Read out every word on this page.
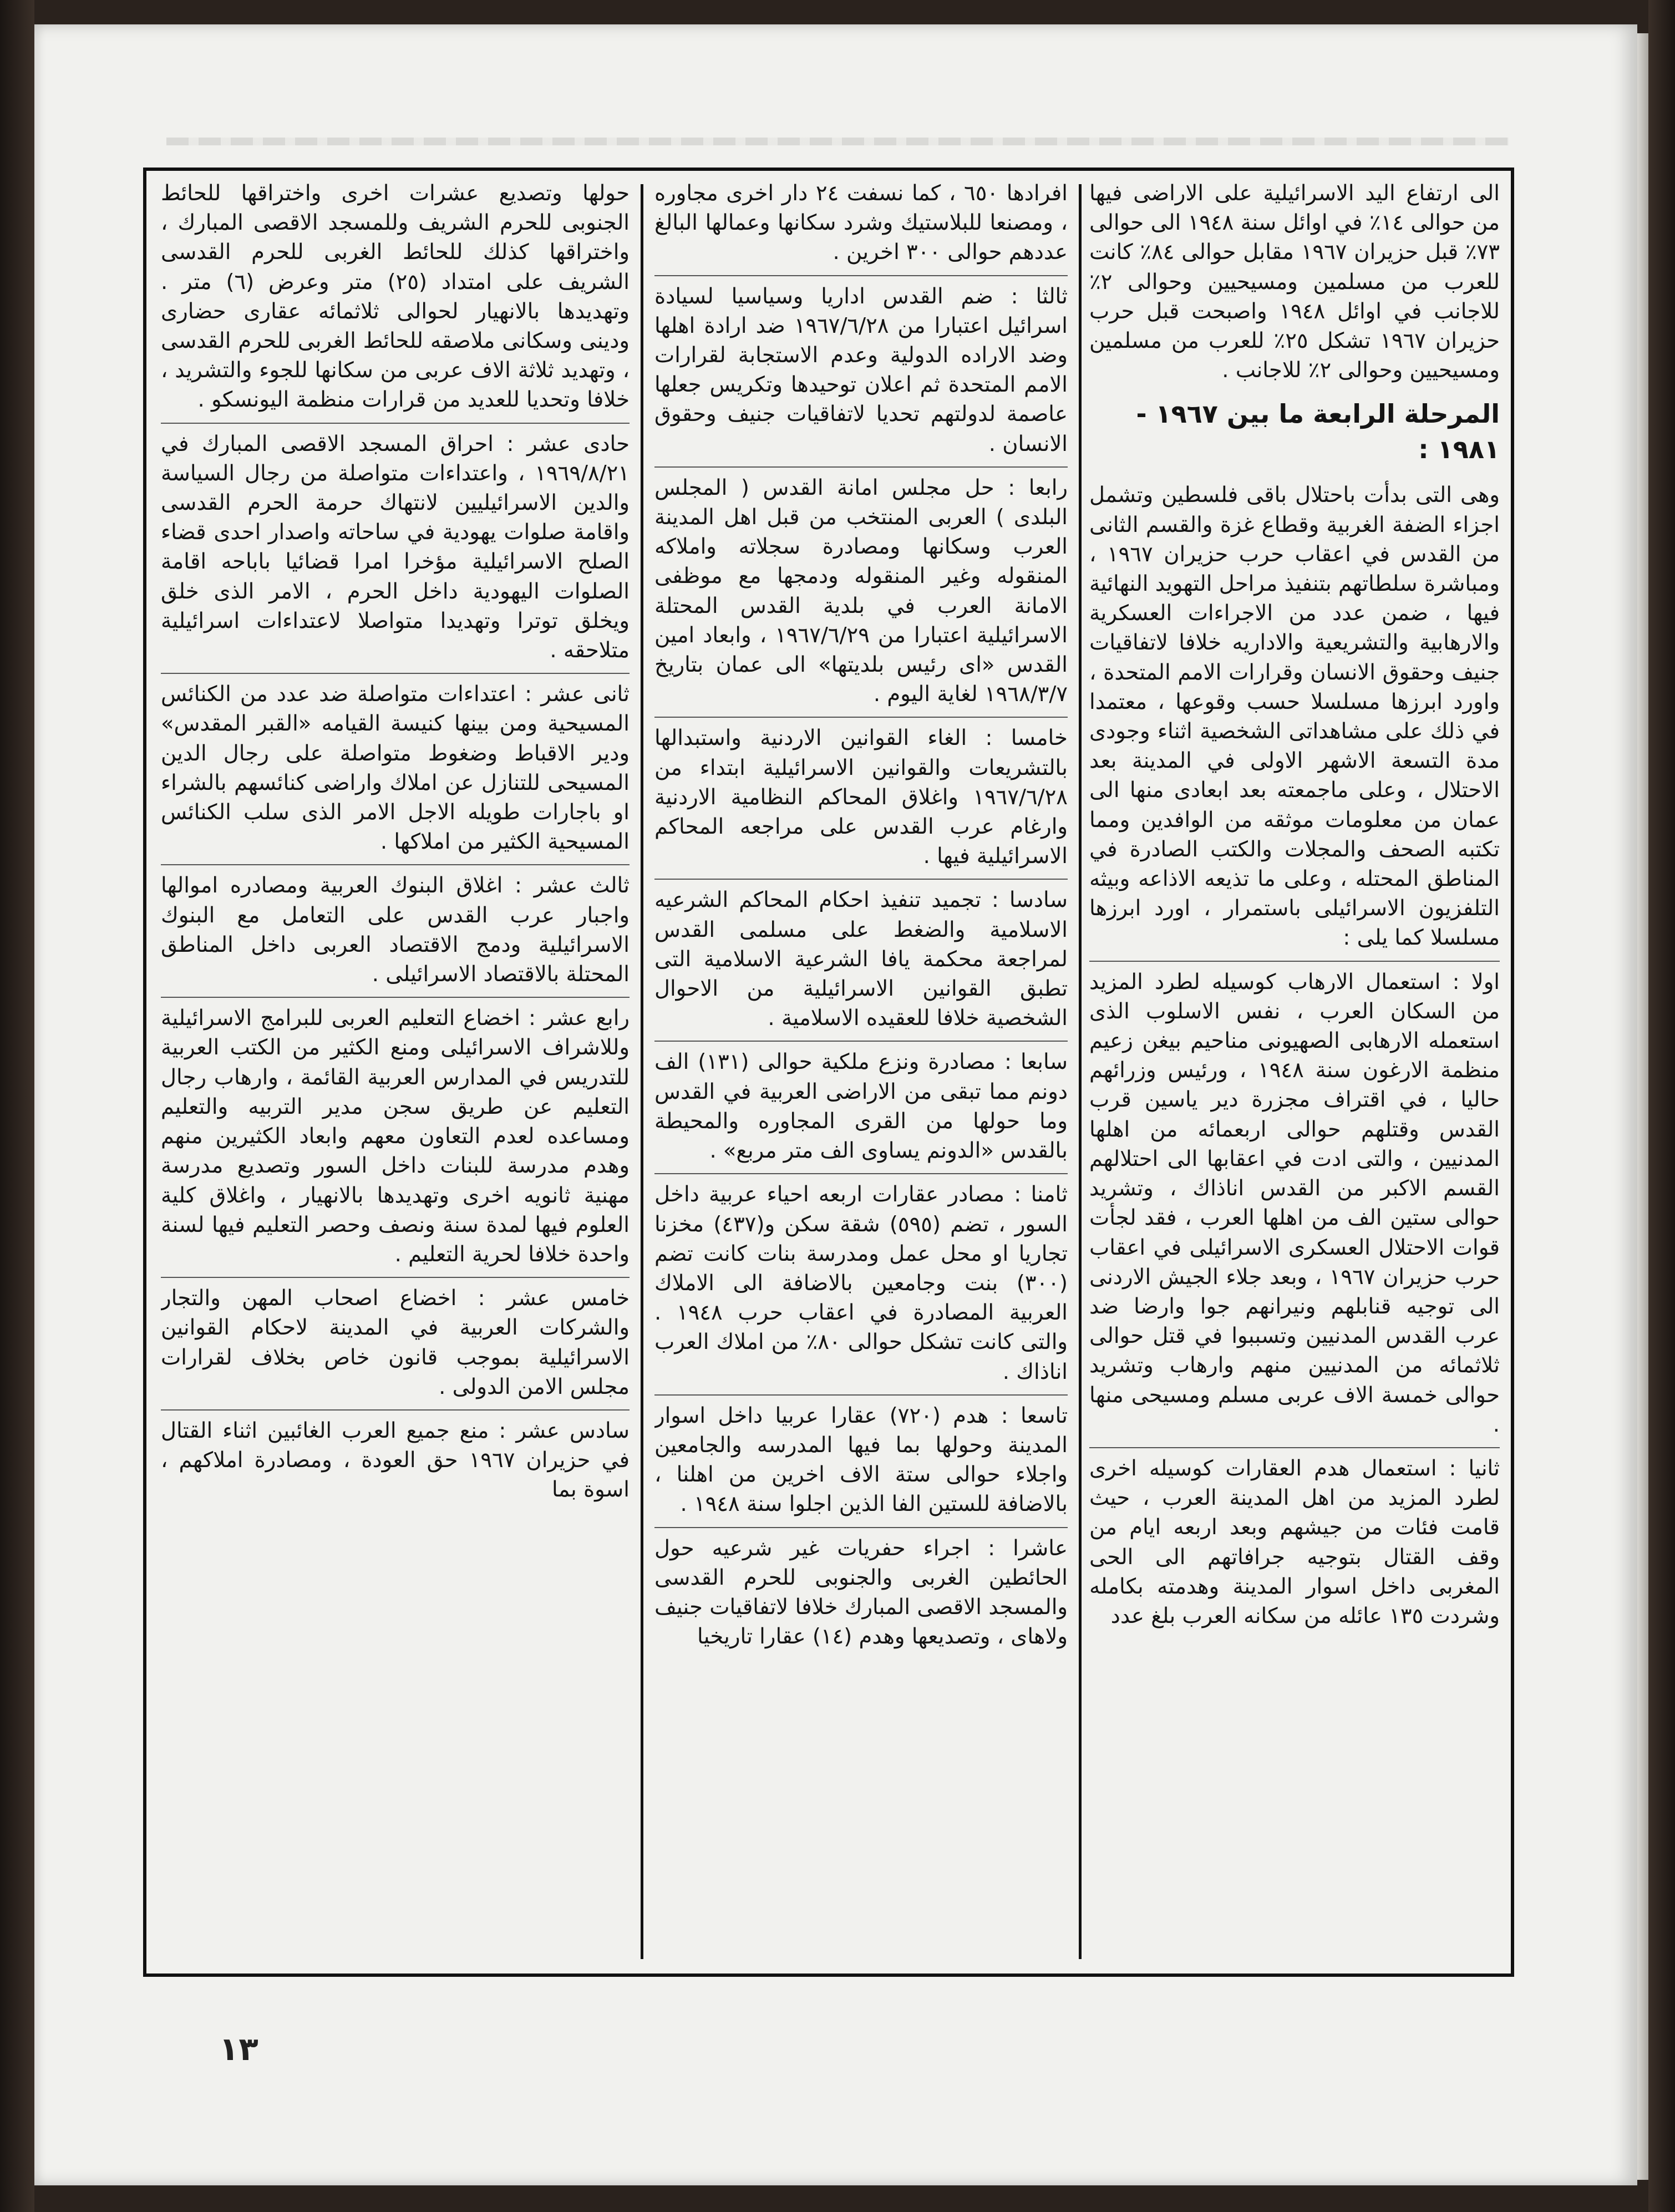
الى ارتفاع اليد الاسرائيلية على الاراضى فيها من حوالى ١٤٪ في اوائل سنة ١٩٤٨ الى حوالى ٧٣٪ قبل حزيران ١٩٦٧ مقابل حوالى ٨٤٪ كانت للعرب من مسلمين ومسيحيين وحوالى ٢٪ للاجانب في اوائل ١٩٤٨ واصبحت قبل حرب حزيران ١٩٦٧ تشكل ٢٥٪ للعرب من مسلمين ومسيحيين وحوالى ٢٪ للاجانب .

المرحلة الرابعة ما بين ١٩٦٧ - ١٩٨١ :

وهى التى بدأت باحتلال باقى فلسطين وتشمل اجزاء الضفة الغربية وقطاع غزة والقسم الثانى من القدس في اعقاب حرب حزيران ١٩٦٧ ، ومباشرة سلطاتهم بتنفيذ مراحل التهويد النهائية فيها ، ضمن عدد من الاجراءات العسكرية والارهابية والتشريعية والاداريه خلافا لاتفاقيات جنيف وحقوق الانسان وقرارات الامم المتحدة ، واورد ابرزها مسلسلا حسب وقوعها ، معتمدا في ذلك على مشاهداتى الشخصية اثناء وجودى مدة التسعة الاشهر الاولى في المدينة بعد الاحتلال ، وعلى ماجمعته بعد ابعادى منها الى عمان من معلومات موثقه من الوافدين ومما تكتبه الصحف والمجلات والكتب الصادرة في المناطق المحتله ، وعلى ما تذيعه الاذاعه وبيثه التلفزيون الاسرائيلى باستمرار ، اورد ابرزها مسلسلا كما يلى :

اولا : استعمال الارهاب كوسيله لطرد المزيد من السكان العرب ، نفس الاسلوب الذى استعمله الارهابى الصهيونى مناحيم بيغن زعيم منظمة الارغون سنة ١٩٤٨ ، ورئيس وزرائهم حاليا ، في اقتراف مجزرة دير ياسين قرب القدس وقتلهم حوالى اربعمائه من اهلها المدنيين ، والتى ادت في اعقابها الى احتلالهم القسم الاكبر من القدس اناذاك ، وتشريد حوالى ستين الف من اهلها العرب ، فقد لجأت قوات الاحتلال العسكرى الاسرائيلى في اعقاب حرب حزيران ١٩٦٧ ، وبعد جلاء الجيش الاردنى الى توجيه قنابلهم ونيرانهم جوا وارضا ضد عرب القدس المدنيين وتسببوا في قتل حوالى ثلاثمائه من المدنيين منهم وارهاب وتشريد حوالى خمسة الاف عربى مسلم ومسيحى منها .

ثانيا : استعمال هدم العقارات كوسيله اخرى لطرد المزيد من اهل المدينة العرب ، حيث قامت فئات من جيشهم وبعد اربعه ايام من وقف القتال بتوجيه جرافاتهم الى الحى المغربى داخل اسوار المدينة وهدمته بكامله وشردت ١٣٥ عائله من سكانه العرب بلغ عدد

افرادها ٦٥٠ ، كما نسفت ٢٤ دار اخرى مجاوره ، ومصنعا للبلاستيك وشرد سكانها وعمالها البالغ عددهم حوالى ٣٠٠ اخرين .

ثالثا : ضم القدس اداريا وسياسيا لسيادة اسرائيل اعتبارا من ١٩٦٧/٦/٢٨ ضد ارادة اهلها وضد الاراده الدولية وعدم الاستجابة لقرارات الامم المتحدة ثم اعلان توحيدها وتكريس جعلها عاصمة لدولتهم تحديا لاتفاقيات جنيف وحقوق الانسان .

رابعا : حل مجلس امانة القدس ( المجلس البلدى ) العربى المنتخب من قبل اهل المدينة العرب وسكانها ومصادرة سجلاته واملاكه المنقوله وغير المنقوله ودمجها مع موظفى الامانة العرب في بلدية القدس المحتلة الاسرائيلية اعتبارا من ١٩٦٧/٦/٢٩ ، وابعاد امين القدس «اى رئيس بلديتها» الى عمان بتاريخ ١٩٦٨/٣/٧ لغاية اليوم .

خامسا : الغاء القوانين الاردنية واستبدالها بالتشريعات والقوانين الاسرائيلية ابتداء من ١٩٦٧/٦/٢٨ واغلاق المحاكم النظامية الاردنية وارغام عرب القدس على مراجعه المحاكم الاسرائيلية فيها .

سادسا : تجميد تنفيذ احكام المحاكم الشرعيه الاسلامية والضغط على مسلمى القدس لمراجعة محكمة يافا الشرعية الاسلامية التى تطبق القوانين الاسرائيلية من الاحوال الشخصية خلافا للعقيده الاسلامية .

سابعا : مصادرة ونزع ملكية حوالى (١٣١) الف دونم مما تبقى من الاراضى العربية في القدس وما حولها من القرى المجاوره والمحيطة بالقدس «الدونم يساوى الف متر مربع» .

ثامنا : مصادر عقارات اربعه احياء عربية داخل السور ، تضم (٥٩٥) شقة سكن و(٤٣٧) مخزنا تجاريا او محل عمل ومدرسة بنات كانت تضم (٣٠٠) بنت وجامعين بالاضافة الى الاملاك العربية المصادرة في اعقاب حرب ١٩٤٨ . والتى كانت تشكل حوالى ٨٠٪ من املاك العرب اناذاك .

تاسعا : هدم (٧٢٠) عقارا عربيا داخل اسوار المدينة وحولها بما فيها المدرسه والجامعين واجلاء حوالى ستة الاف اخرين من اهلنا ، بالاضافة للستين الفا الذين اجلوا سنة ١٩٤٨ .

عاشرا : اجراء حفريات غير شرعيه حول الحائطين الغربى والجنوبى للحرم القدسى والمسجد الاقصى المبارك خلافا لاتفاقيات جنيف ولاهاى ، وتصديعها وهدم (١٤) عقارا تاريخيا

حولها وتصديع عشرات اخرى واختراقها للحائط الجنوبى للحرم الشريف وللمسجد الاقصى المبارك ، واختراقها كذلك للحائط الغربى للحرم القدسى الشريف على امتداد (٢٥) متر وعرض (٦) متر . وتهديدها بالانهيار لحوالى ثلاثمائه عقارى حضارى ودينى وسكانى ملاصقه للحائط الغربى للحرم القدسى ، وتهديد ثلاثة الاف عربى من سكانها للجوء والتشريد ، خلافا وتحديا للعديد من قرارات منظمة اليونسكو .

حادى عشر : احراق المسجد الاقصى المبارك في ١٩٦٩/٨/٢١ ، واعتداءات متواصلة من رجال السياسة والدين الاسرائيليين لانتهاك حرمة الحرم القدسى واقامة صلوات يهودية في ساحاته واصدار احدى قضاء الصلح الاسرائيلية مؤخرا امرا قضائيا باباحه اقامة الصلوات اليهودية داخل الحرم ، الامر الذى خلق ويخلق توترا وتهديدا متواصلا لاعتداءات اسرائيلية متلاحقه .

ثانى عشر : اعتداءات متواصلة ضد عدد من الكنائس المسيحية ومن بينها كنيسة القيامه «القبر المقدس» ودير الاقباط وضغوط متواصلة على رجال الدين المسيحى للتنازل عن املاك واراضى كنائسهم بالشراء او باجارات طويله الاجل الامر الذى سلب الكنائس المسيحية الكثير من املاكها .

ثالث عشر : اغلاق البنوك العربية ومصادره اموالها واجبار عرب القدس على التعامل مع البنوك الاسرائيلية ودمج الاقتصاد العربى داخل المناطق المحتلة بالاقتصاد الاسرائيلى .

رابع عشر : اخضاع التعليم العربى للبرامج الاسرائيلية وللاشراف الاسرائيلى ومنع الكثير من الكتب العربية للتدريس في المدارس العربية القائمة ، وارهاب رجال التعليم عن طريق سجن مدير التربيه والتعليم ومساعده لعدم التعاون معهم وابعاد الكثيرين منهم وهدم مدرسة للبنات داخل السور وتصديع مدرسة مهنية ثانويه اخرى وتهديدها بالانهيار ، واغلاق كلية العلوم فيها لمدة سنة ونصف وحصر التعليم فيها لسنة واحدة خلافا لحرية التعليم .

خامس عشر : اخضاع اصحاب المهن والتجار والشركات العربية في المدينة لاحكام القوانين الاسرائيلية بموجب قانون خاص بخلاف لقرارات مجلس الامن الدولى .

سادس عشر : منع جميع العرب الغائبين اثناء القتال في حزيران ١٩٦٧ حق العودة ، ومصادرة املاكهم ، اسوة بما

١٣
